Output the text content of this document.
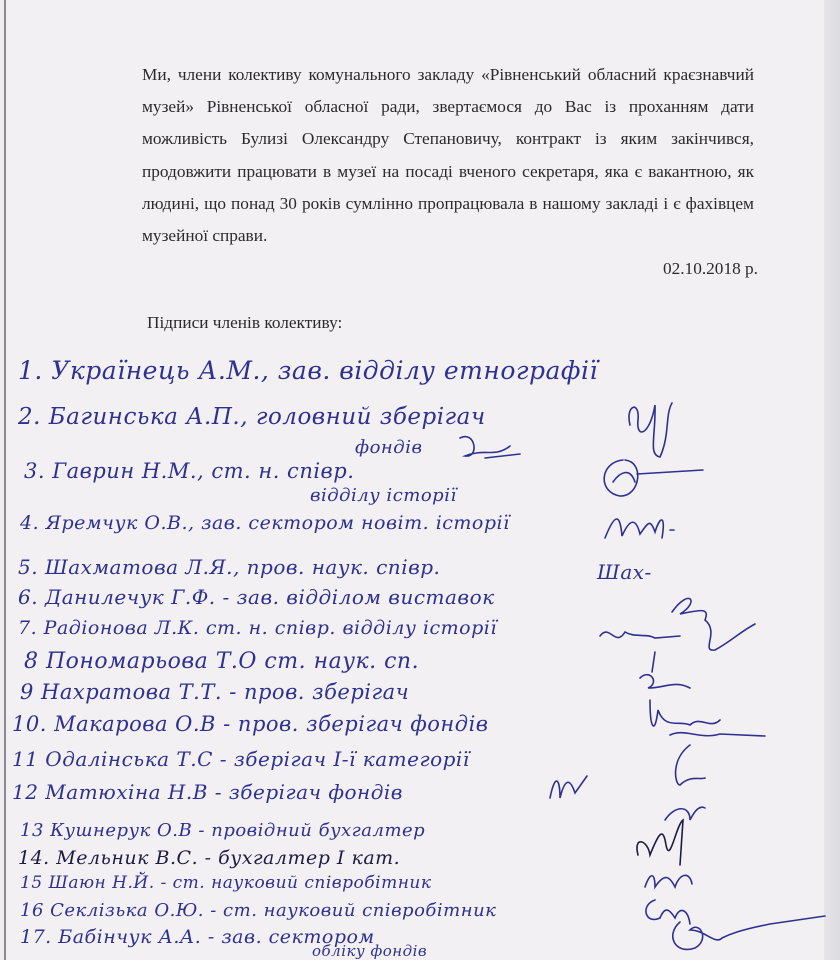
Ми, члени колективу комунального закладу «Рівненський обласний краєзнавчий музей» Рівненської обласної ради, звертаємося до Вас із проханням дати можливість Булизі Олександру Степановичу, контракт із яким закінчився, продовжити працювати в музеї на посаді вченого секретаря, яка є вакантною, як людині, що понад 30 років сумлінно пропрацювала в нашому закладі і є фахівцем музейної справи.

02.10.2018 р.
Підписи членів колективу:
1. Українець А.М., зав. відділу етнографії
2. Багинська А.П., головний зберігач
фондів
3. Гаврин Н.М., ст. н. співр.
відділу історії
4. Яремчук О.В., зав. сектором новіт. історії
5. Шахматова Л.Я., пров. наук. співр.	Шах-
6. Данилечук Г.Ф. - зав. відділом виставок
7. Радіонова Л.К. ст. н. співр. відділу історії
8 Пономарьова Т.О ст. наук. сп.
9 Нахратова Т.Т. - пров. зберігач
10. Макарова О.В - пров. зберігач фондів
11 Одалінська Т.С - зберігач I-ї категорії
12 Матюхіна Н.В - зберігач фондів
13 Кушнерук О.В - провідний бухгалтер
14. Мельник В.С. - бухгалтер I кат.
15 Шаюн Н.Й. - ст. науковий співробітник
16 Секлізька О.Ю. - ст. науковий співробітник
17. Бабінчук А.А. - зав. сектором
обліку фондів
